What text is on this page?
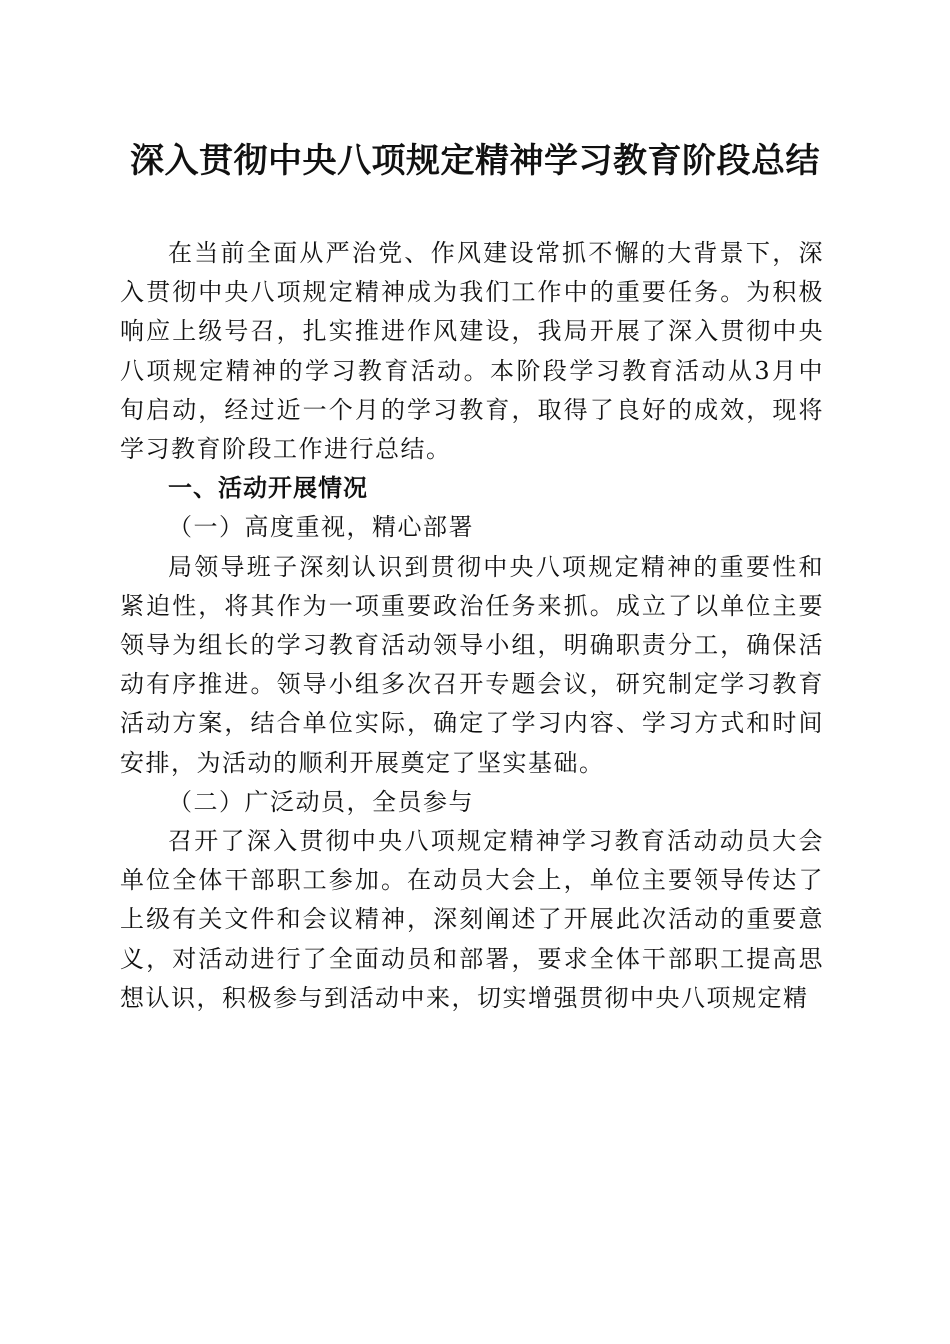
深入贯彻中央八项规定精神学习教育阶段总结

在当前全面从严治党、作风建设常抓不懈的大背景下，深入贯彻中央八项规定精神成为我们工作中的重要任务。为积极响应上级号召，扎实推进作风建设，我局开展了深入贯彻中央八项规定精神的学习教育活动。本阶段学习教育活动从3月中旬启动，经过近一个月的学习教育，取得了良好的成效，现将学习教育阶段工作进行总结。

一、活动开展情况

（一）高度重视，精心部署

局领导班子深刻认识到贯彻中央八项规定精神的重要性和紧迫性，将其作为一项重要政治任务来抓。成立了以单位主要领导为组长的学习教育活动领导小组，明确职责分工，确保活动有序推进。领导小组多次召开专题会议，研究制定学习教育活动方案，结合单位实际，确定了学习内容、学习方式和时间安排，为活动的顺利开展奠定了坚实基础。

（二）广泛动员，全员参与

召开了深入贯彻中央八项规定精神学习教育活动动员大会单位全体干部职工参加。在动员大会上，单位主要领导传达了上级有关文件和会议精神，深刻阐述了开展此次活动的重要意义，对活动进行了全面动员和部署，要求全体干部职工提高思想认识，积极参与到活动中来，切实增强贯彻中央八项规定精
